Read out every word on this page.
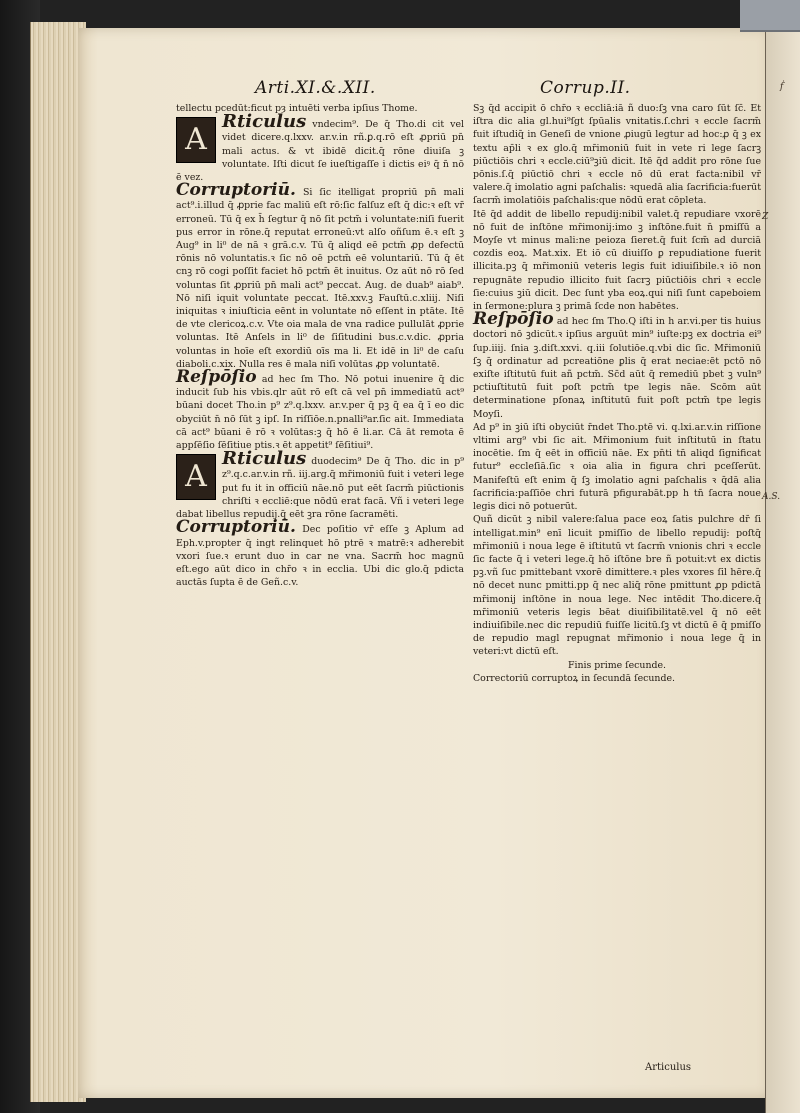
Arti.XI.&.XII.	Corrup.II.

tellectu pcedūt:ficut pȝ intuēti verba ipſius Thome.

A
Rticulus vndecim⁹. De q̄ Tho.di cit vel videt dicere.q.lxxv. ar.v.in rñ.ꝑ.q.rō eſt ꝓpriū pn̄ mali actus. & vt ibidē dicit.q̄ rōne diuiſa ꝫ voluntate. Iſti dicut ſe iueſtigaſſe i dictis eiꝰ q̄ n̄ nō ē vez.

Corruptoriū. Si ſic itelligat propriū pn̄ mali act⁹.i.illud q̄ ꝓprie fac maliū eſt rō:ſic falſuz eſt q̄ dic:ꝛ eſt vr̄ erroneū. Tū q̄ ex h̄ ſegtur q̄ nō ſit pctm̄ i voluntate:niſi fuerit pus error in rōne.q̄ reputat erroneū:vt alſo oñſum ē.ꝛ eſt ꝫ Aug⁹ in li⁰ de nā ꝛ grā.c.v. Tū q̄ aliqd eē pctm̄ ꝓp defectū rōnis nō voluntatis.ꝛ ſic nō oē pctm̄ eē voluntariū. Tū q̄ ēt cnꝫ rō cogi poſſit faciet hō pctm̄ ēt inuitus. Oz aūt nō rō ſed voluntas ſit ꝓpriū pn̄ mali act⁹ peccat. Aug. de duab⁹ aiab⁹. Nō niſi iquit voluntate peccat. Itē.xxv.ꝫ Fauſtū.c.xliij. Niſi iniquitas ꝛ iniuſticia eēnt in voluntate nō eſſent in ptāte. Itē de vte clericoꝝ.c.v. Vte oia mala de vna radice pullulāt ꝓprie voluntas. Itē Anſels in li⁰ de ſiſitudini bus.c.v.dic. ꝓpria voluntas in hoīe eſt exordiū oīs ma li. Et idē in li⁰ de caſu diaboli.c.xix. Nulla res ē mala niſi volūtas ꝓp voluntatē.

Reſpōſio ad hec ſm Tho. Nō potui inuenire q̄ dic inducit ſub his vbis.qlr aūt rō eſt cā vel pn̄ immediatū act⁹ būani docet Tho.in p⁹ z⁹.q.lxxv. ar.v.per q̄ pꝫ q̄ ea q̄ ī eo dic obyciūt n̄ nō ſūt ꝫ ipſ. In riſſiōe.n.pnalli⁹ar.ſic ait. Immediata cā act⁹ būani ē rō ꝛ volūtas:ꝫ q̄ hō ē li.ar. Cā āt remota ē appſēſio ſēſitiue ptis.ꝛ ēt appetit⁹ ſēſitiui⁹.

A
Rticulus duodecim⁹ De q̄ Tho. dic in p⁹ z⁹.q.c.ar.v.in rñ. iij.arg.q̄ mr̄imoniū fuit i veteri lege put fu it in officiū nāe.nō put eēt ſacrm̄ piūctionis chriſti ꝛ eccliē:que nōdū erat facā. Vñ i veteri lege dabat libellus repudij.q̄ eēt ꝫra rōne ſacramēti.

Corruptoriū. Dec poſitio vr̄ eſſe ꝫ Aplum ad Eph.v.propter q̄ ingt relinquet hō ptrē ꝛ matrē:ꝛ adherebit vxori ſue.ꝛ erunt duo in car ne vna. Sacrm̄ hoc magnū eſt.ego aūt dico in chr̄o ꝛ in ecclia. Ubi dic glo.q̄ pdicta auctās ſupta ē de Geñ.c.v.

Sꝫ q̄d accipit ō chr̄o ꝛ eccliā:iā ñ duo:ſꝫ vna caro ſūt ſc̄. Et iſtra dic alia gl.hui⁹ſgt ſpūalis vnitatis.ſ.chri ꝛ eccle ſacrm̄ fuit iſtudiq̄ in Geneſi de vnione ꝓiugū legtur ad hoc:ꝓ q̄ ꝫ ex textu ap̄li ꝛ ex glo.q̄ mr̄imoniū fuit in vete ri lege ſacrꝫ piūctiōis chri ꝛ eccle.ciū⁹ꝫiū dicit. Itē q̄d addit pro rōne ſue pōnis.ſ.q̄ piūctiō chri ꝛ eccle nō dū erat facta:nibil vr̄ valere.q̄ imolatio agni paſchalis: ꝛquedā alia ſacrificia:fuerūt ſacrm̄ imolatiōis paſchalis:que nōdū erat cōpleta.

Itē q̄d addit de libello repudij:nibil valet.q̄ repudiare vxorē nō fuit de inſtōne mr̄imonij:imo ꝫ inſtōne.fuit n̄ pmiſſū a Moyſe vt minus mali:ne peioza ſieret.q̄ fuit ſcm̄ ad durciā cozdis eoꝝ. Mat.xix. Et iō cū diuiſſo ꝑ repudiatione fuerit illicita.pꝫ q̄ mr̄imoniū veteris legis fuit idiuiſibile.ꝛ iō non repugnāte repudio illicito fuit ſacrꝫ piūctiōis chri ꝛ eccle ſie:cuius ꝫiū dicit. Dec ſunt yba eoꝝ.qui niſi ſunt capeboiem in ſermone:plura ꝫ primā ſcde non habētes.

Reſpōſio ad hec ſm Tho.Q iſti in h ar.vi.per tis huius doctori nō ꝫdicūt.ꝛ ipſius arguūt min⁹ iuſte:pꝫ ex doctria ei⁹ ſup.iiij. ſnia ꝫ.diſt.xxvi. q.iii ſolutiōe.q.vbi dic ſic. Mr̄imoniū ſꝫ q̄ ordinatur ad pcreatiōne ꝑlis q̄ erat neciae:ēt pctō nō exiſte iſtitutū fuit añ pctm̄. Sc̄d aūt q̄ remediū pbet ꝫ vuln⁹ pctiuſtitutū fuit poſt pctm̄ tpe legis nāe. Scōm aūt determinatione pſonaꝝ inſtitutū fuit poſt pctm̄ tpe legis Moyſi.

Ad p⁹ in ꝫiū iſti obyciūt r̄ndet Tho.ptē vi. q.lxi.ar.v.in riſſione vltimi arg⁹ vbi ſic ait. Mr̄imonium fuit inſtitutū in ſtatu inocētie. ſm q̄ eēt in officiū nāe. Ex pn̄ti tn̄ aliqd ſignificat futur⁹ eccleſiā.ſic ꝛ oia alia in figura chri pceſſerūt. Manifeſtū eſt enim q̄ ſꝫ imolatio agni paſchalis ꝛ q̄dā alia ſacrificia:paſſiōe chri futurā pfigurabāt.pp h tn̄ ſacra noue legis dici nō potuerūt.

Quñ dicūt ꝫ nibil valere:ſalua pace eoꝝ ſatis pulchre dr̄ ſi intelligat.min⁹ enī licuit pmiſſio de libello repudij: poſtq̄ mr̄imoniū i noua lege ē iſtitutū vt ſacrm̄ vnionis chri ꝛ eccle ſic facte q̄ i veteri lege.q̄ hō iſtōne bre ñ potuit:vt ex dictis pꝫ.vñ ſuc pmittebant vxorē dimittere.ꝛ ples vxores ſil hēre.q̄ nō decet nunc pmitti.pp q̄ nec aliq̄ rōne pmittunt ꝓp pdictā mr̄imonij inſtōne in noua lege. Nec intēdit Tho.dicere.q̄ mr̄imoniū veteris legis bēat diuiſibilitatē.vel q̄ nō eēt indiuiſibile.nec dic repudiū fuiſſe licitū.ſꝫ vt dictū ē q̄ pmiſſo de repudio magl repugnat mr̄imonio i noua lege q̄ in veteri:vt dictū eſt.

Finis prime ſecunde.

Correctoriū corruptoꝝ in ſecundā ſecunde.

Articulus
Z
A.S.
ḟ
